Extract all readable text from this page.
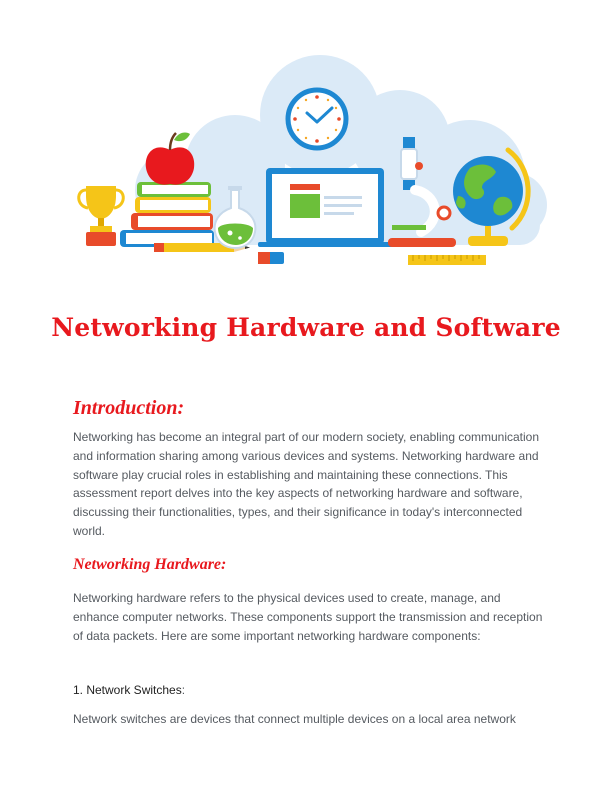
Networking Hardware and Software
Introduction:

Networking has become an integral part of our modern society, enabling communication and information sharing among various devices and systems. Networking hardware and software play crucial roles in establishing and maintaining these connections. This assessment report delves into the key aspects of networking hardware and software, discussing their functionalities, types, and their significance in today's interconnected world.

Networking Hardware:

Networking hardware refers to the physical devices used to create, manage, and enhance computer networks. These components support the transmission and reception of data packets. Here are some important networking hardware components:

1. Network Switches:

Network switches are devices that connect multiple devices on a local area network
